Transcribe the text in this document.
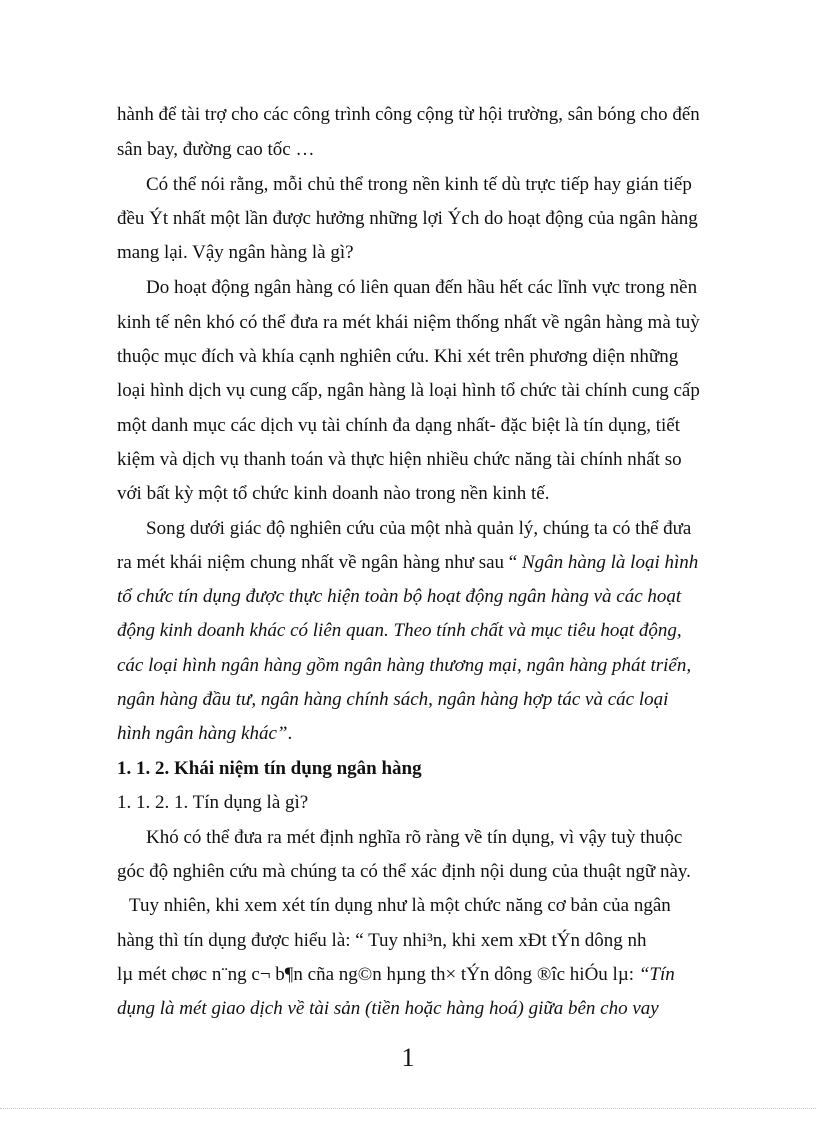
hành để tài trợ cho các công trình công cộng từ hội trường, sân bóng cho đến
sân bay, đường cao tốc …
Có thể nói rằng, mỗi chủ thể trong nền kinh tế dù trực tiếp hay gián tiếp
đều Ýt nhất một lần được hưởng những lợi Ých do hoạt động của ngân hàng
mang lại. Vậy ngân hàng là gì?
Do hoạt động ngân hàng có liên quan đến hầu hết các lĩnh vực trong nền
kinh tế nên khó có thể đưa ra mét khái niệm thống nhất về ngân hàng mà tuỳ
thuộc mục đích và khía cạnh nghiên cứu. Khi xét trên phương diện những
loại hình dịch vụ cung cấp, ngân hàng là loại hình tổ chức tài chính cung cấp
một danh mục các dịch vụ tài chính đa dạng nhất- đặc biệt là tín dụng, tiết
kiệm và dịch vụ thanh toán và thực hiện nhiều chức năng tài chính nhất so
với bất kỳ một tổ chức kinh doanh nào trong nền kinh tế.
Song dưới giác độ nghiên cứu của một nhà quản lý, chúng ta có thể đưa
ra mét khái niệm chung nhất về ngân hàng như sau “ Ngân hàng là loại hình
tổ chức tín dụng được thực hiện toàn bộ hoạt động ngân hàng và các hoạt
động kinh doanh khác có liên quan. Theo tính chất và mục tiêu hoạt động,
các loại hình ngân hàng gồm ngân hàng thương mại, ngân hàng phát triển,
ngân hàng đầu tư, ngân hàng chính sách, ngân hàng hợp tác và các loại
hình ngân hàng khác”.
1. 1. 2. Khái niệm tín dụng ngân hàng
1. 1. 2. 1. Tín dụng là gì?
Khó có thể đưa ra mét định nghĩa rõ ràng về tín dụng, vì vậy tuỳ thuộc
góc độ nghiên cứu mà chúng ta có thể xác định nội dung của thuật ngữ này.
Tuy nhiên, khi xem xét tín dụng như là một chức năng cơ bản của ngân
hàng thì tín dụng được hiểu là: “ Tuy nhi³n, khi xem xÐt tÝn dông nh
lµ mét chøc n¨ng c¬ b¶n cña ng©n hµng th× tÝn dông ®îc hiÓu lµ: “Tín
dụng là mét giao dịch về tài sản (tiền hoặc hàng hoá) giữa bên cho vay
1
